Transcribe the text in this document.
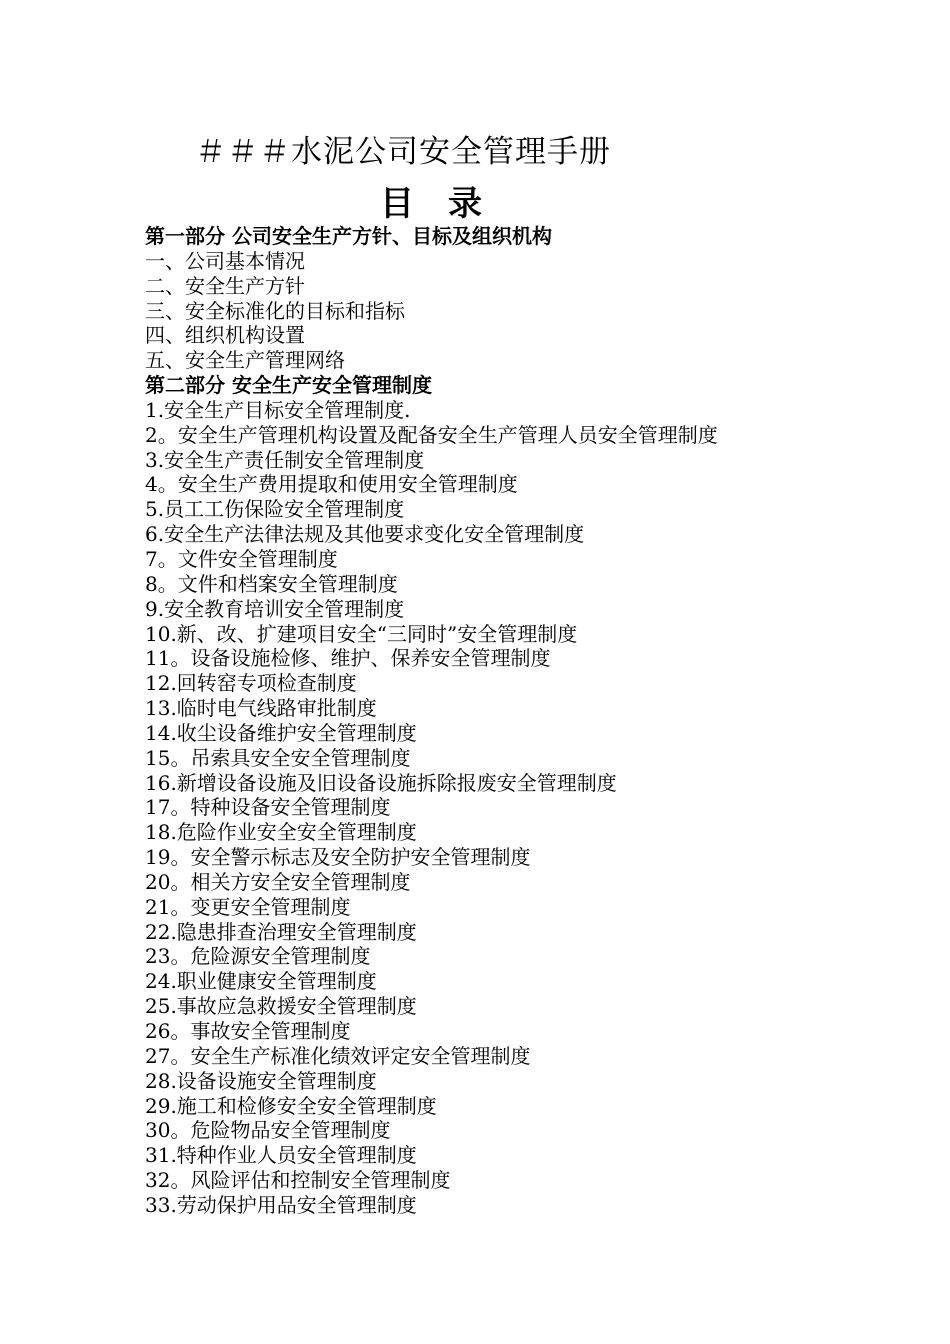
＃＃＃水泥公司安全管理手册
目　录
第一部分 公司安全生产方针、目标及组织机构
一、公司基本情况
二、安全生产方针
三、安全标准化的目标和指标
四、组织机构设置
五、安全生产管理网络
第二部分 安全生产安全管理制度
1.安全生产目标安全管理制度.
2。安全生产管理机构设置及配备安全生产管理人员安全管理制度
3.安全生产责任制安全管理制度
4。安全生产费用提取和使用安全管理制度
5.员工工伤保险安全管理制度
6.安全生产法律法规及其他要求变化安全管理制度
7。文件安全管理制度
8。文件和档案安全管理制度
9.安全教育培训安全管理制度
10.新、改、扩建项目安全“三同时”安全管理制度
11。设备设施检修、维护、保养安全管理制度
12.回转窑专项检查制度
13.临时电气线路审批制度
14.收尘设备维护安全管理制度
15。吊索具安全安全管理制度
16.新增设备设施及旧设备设施拆除报废安全管理制度
17。特种设备安全管理制度
18.危险作业安全安全管理制度
19。安全警示标志及安全防护安全管理制度
20。相关方安全安全管理制度
21。变更安全管理制度
22.隐患排查治理安全管理制度
23。危险源安全管理制度
24.职业健康安全管理制度
25.事故应急救援安全管理制度
26。事故安全管理制度
27。安全生产标准化绩效评定安全管理制度
28.设备设施安全管理制度
29.施工和检修安全安全管理制度
30。危险物品安全管理制度
31.特种作业人员安全管理制度
32。风险评估和控制安全管理制度
33.劳动保护用品安全管理制度
